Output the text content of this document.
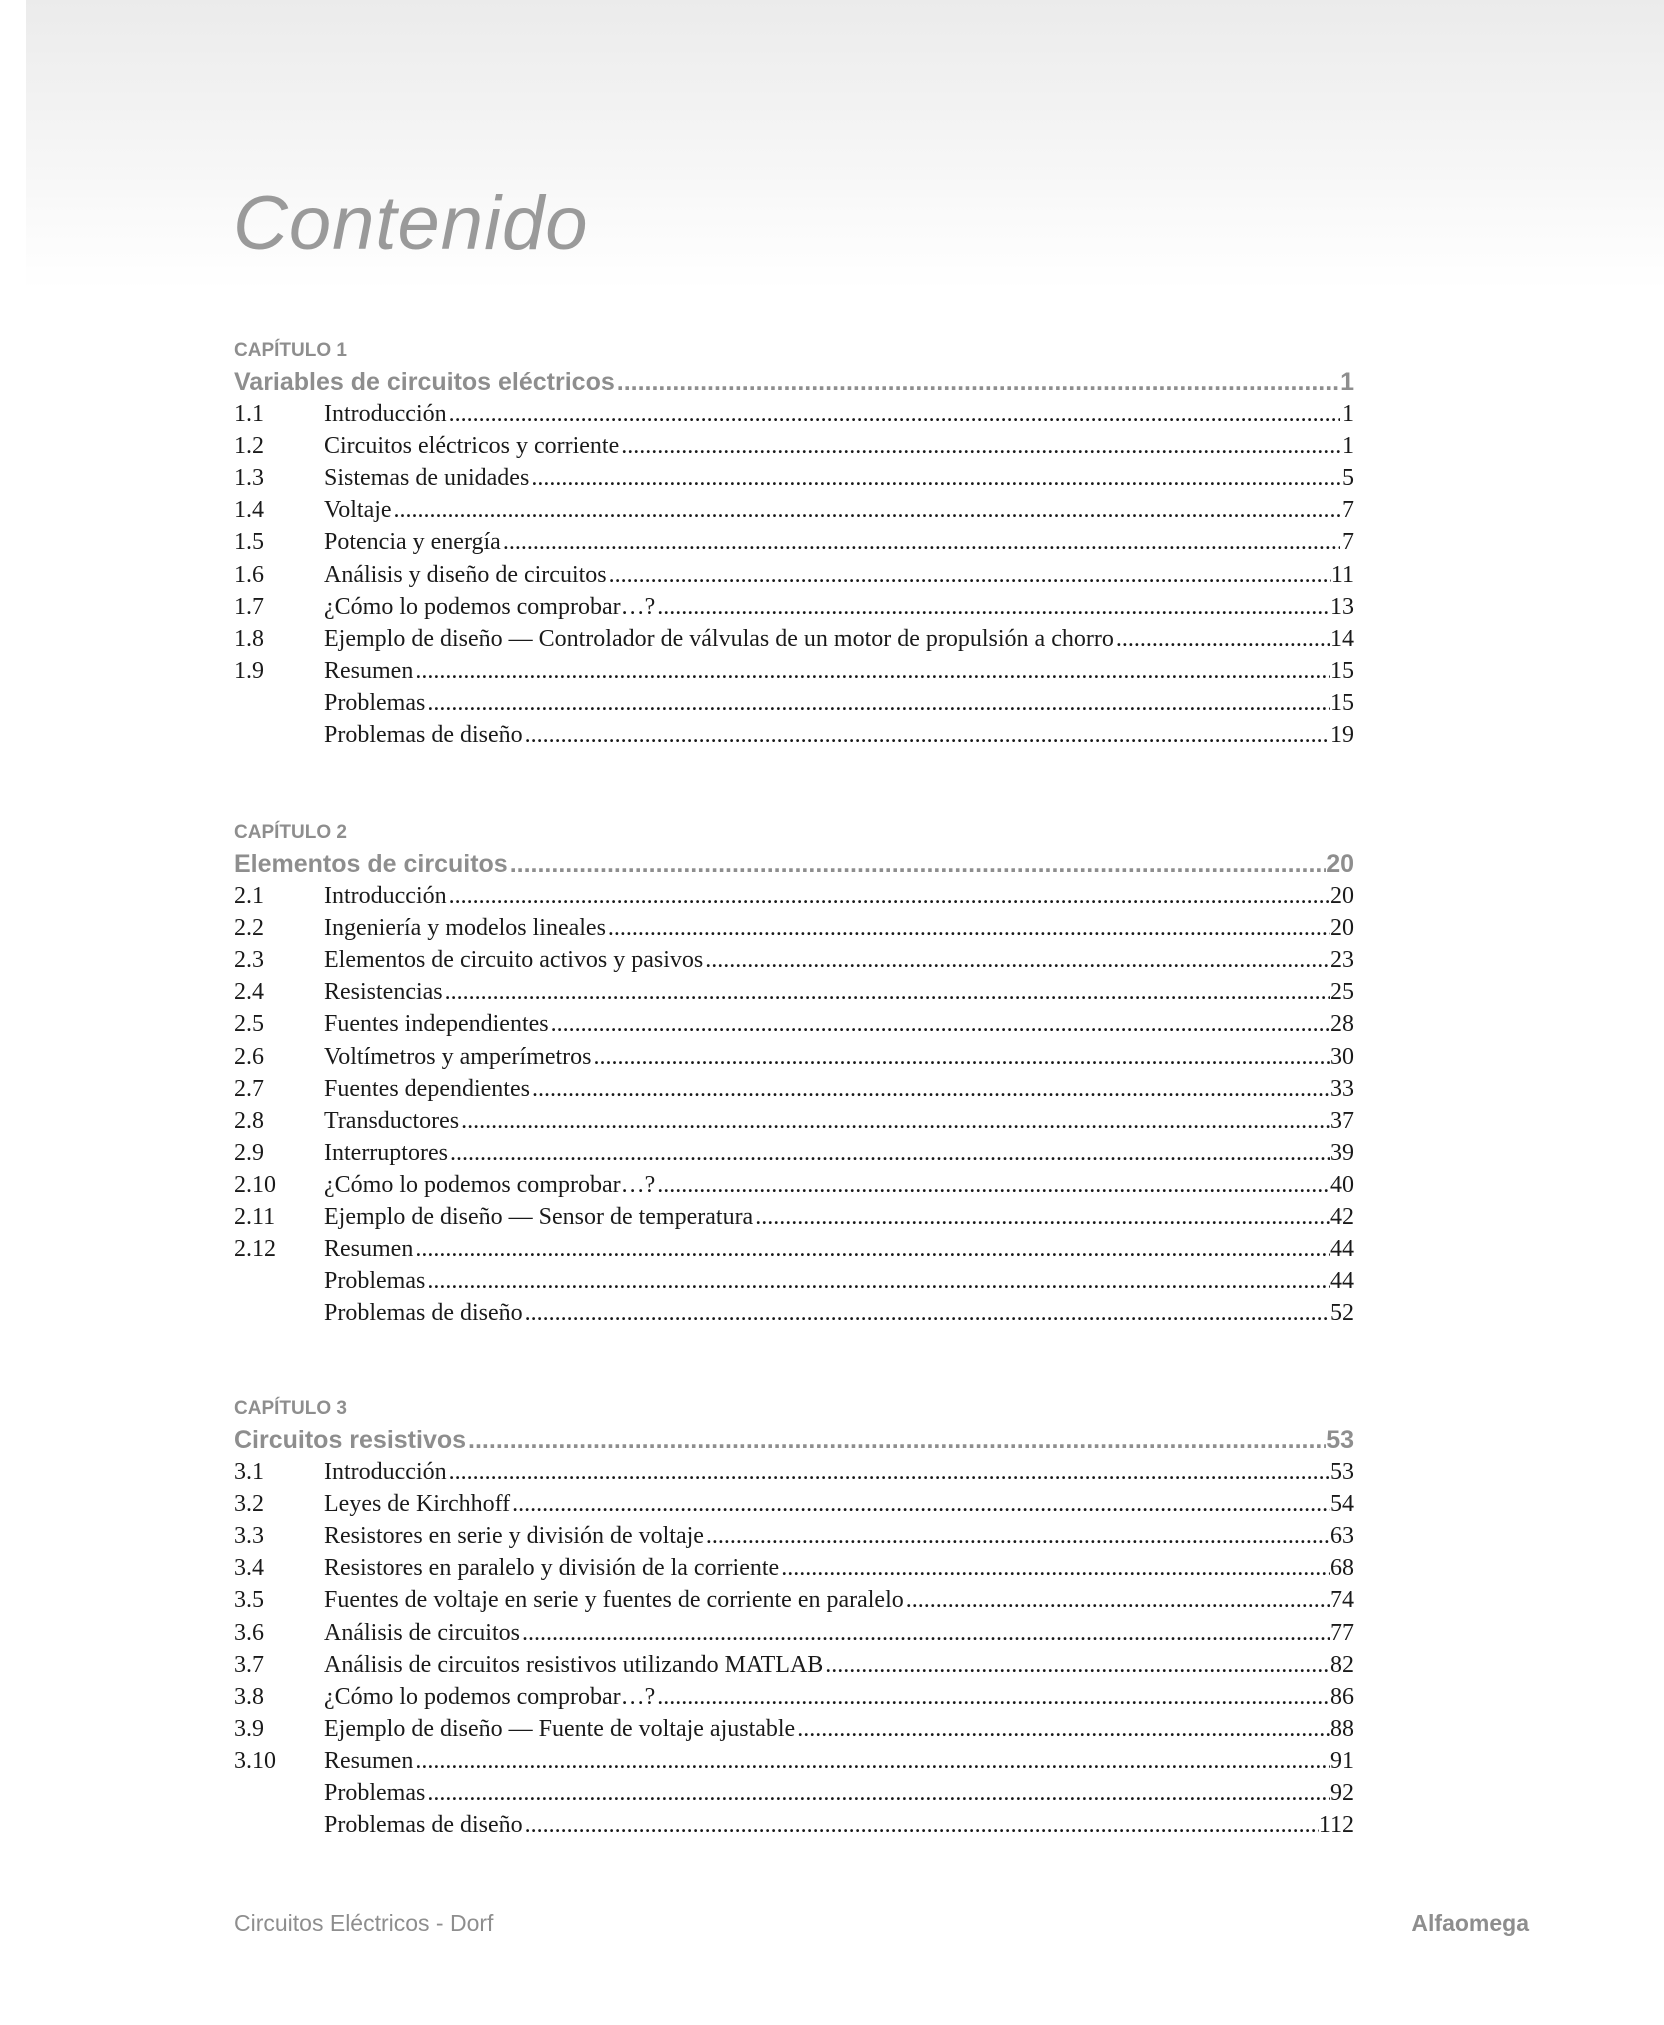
Contenido
CAPÍTULO 1
Variables de circuitos eléctricos .....	1
1.1	Introducción .....	1
1.2	Circuitos eléctricos y corriente .....	1
1.3	Sistemas de unidades .....	5
1.4	Voltaje .....	7
1.5	Potencia y energía .....	7
1.6	Análisis y diseño de circuitos .....	11
1.7	¿Cómo lo podemos comprobar…? .....	13
1.8	Ejemplo de diseño — Controlador de válvulas de un motor de propulsión a chorro .....	14
1.9	Resumen .....	15
Problemas .....	15
Problemas de diseño .....	19
CAPÍTULO 2
Elementos de circuitos .....	20
2.1	Introducción .....	20
2.2	Ingeniería y modelos lineales .....	20
2.3	Elementos de circuito activos y pasivos .....	23
2.4	Resistencias .....	25
2.5	Fuentes independientes .....	28
2.6	Voltímetros y amperímetros .....	30
2.7	Fuentes dependientes .....	33
2.8	Transductores .....	37
2.9	Interruptores .....	39
2.10	¿Cómo lo podemos comprobar…? .....	40
2.11	Ejemplo de diseño — Sensor de temperatura .....	42
2.12	Resumen .....	44
Problemas .....	44
Problemas de diseño .....	52
CAPÍTULO 3
Circuitos resistivos .....	53
3.1	Introducción .....	53
3.2	Leyes de Kirchhoff .....	54
3.3	Resistores en serie y división de voltaje .....	63
3.4	Resistores en paralelo y división de la corriente .....	68
3.5	Fuentes de voltaje en serie y fuentes de corriente en paralelo .....	74
3.6	Análisis de circuitos .....	77
3.7	Análisis de circuitos resistivos utilizando MATLAB .....	82
3.8	¿Cómo lo podemos comprobar…? .....	86
3.9	Ejemplo de diseño — Fuente de voltaje ajustable .....	88
3.10	Resumen .....	91
Problemas .....	92
Problemas de diseño .....	112
Circuitos Eléctricos - Dorf	Alfaomega
